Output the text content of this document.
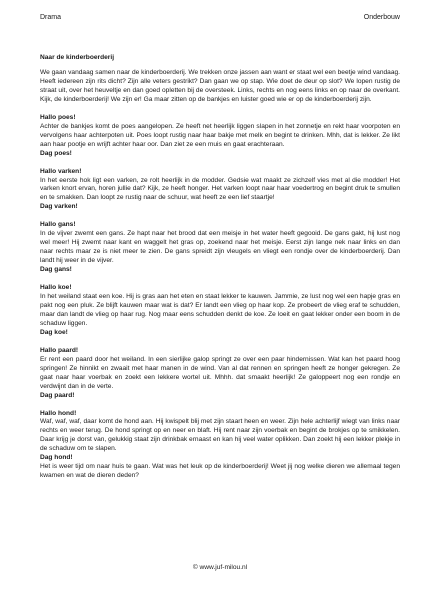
Drama	Onderbouw
Naar de kinderboerderij

We gaan vandaag samen naar de kinderboerderij. We trekken onze jassen aan want er staat wel een beetje wind vandaag. Heeft iedereen zijn rits dicht? Zijn alle veters gestrikt? Dan gaan we op stap. Wie doet de deur op slot? We lopen rustig de straat uit, over het heuveltje en dan goed opletten bij de oversteek. Links, rechts en nog eens links en op naar de overkant. Kijk, de kinderboerderij! We zijn er! Ga maar zitten op de bankjes en luister goed wie er op de kinderboerderij zijn.

Hallo poes!

Achter de bankjes komt de poes aangelopen. Ze heeft net heerlijk liggen slapen in het zonnetje en rekt haar voorpoten en vervolgens haar achterpoten uit. Poes loopt rustig naar haar bakje met melk en begint te drinken. Mhh, dat is lekker. Ze likt aan haar pootje en wrijft achter haar oor. Dan ziet ze een muis en gaat erachteraan.

Dag poes!

Hallo varken!

In het eerste hok ligt een varken, ze rolt heerlijk in de modder. Gedsie wat maakt ze zichzelf vies met al die modder! Het varken knort ervan, horen jullie dat? Kijk, ze heeft honger. Het varken loopt naar haar voedertrog en begint druk te smullen en te smakken. Dan loopt ze rustig naar de schuur, wat heeft ze een lief staartje!

Dag varken!

Hallo gans!

In de vijver zwemt een gans. Ze hapt naar het brood dat een meisje in het water heeft gegooid. De gans gakt, hij lust nog wel meer! Hij zwemt naar kant en waggelt het gras op, zoekend naar het meisje. Eerst zijn lange nek naar links en dan naar rechts maar ze is niet meer te zien. De gans spreidt zijn vleugels en vliegt een rondje over de kinderboerderij. Dan landt hij weer in de vijver.

Dag gans!

Hallo koe!

In het weiland staat een koe. Hij is gras aan het eten en staat lekker te kauwen. Jammie, ze lust nog wel een hapje gras en pakt nog een pluk. Ze blijft kauwen maar wat is dat? Er landt een vlieg op haar kop. Ze probeert de vlieg eraf te schudden, maar dan landt de vlieg op haar rug. Nog maar eens schudden denkt de koe. Ze loeit en gaat lekker onder een boom in de schaduw liggen.

Dag koe!

Hallo paard!

Er rent een paard door het weiland. In een sierlijke galop springt ze over een paar hindernissen. Wat kan het paard hoog springen! Ze hinnikt en zwaait met haar manen in de wind. Van al dat rennen en springen heeft ze honger gekregen. Ze gaat naar haar voerbak en zoekt een lekkere wortel uit. Mhhh. dat smaakt heerlijk! Ze galoppeert nog een rondje en verdwijnt dan in de verte.

Dag paard!

Hallo hond!

Waf, waf, waf, daar komt de hond aan. Hij kwispelt blij met zijn staart heen en weer. Zijn hele achterlijf wiegt van links naar rechts en weer terug. De hond springt op en neer en blaft. Hij rent naar zijn voerbak en begint de brokjes op te smikkelen. Daar krijg je dorst van, gelukkig staat zijn drinkbak ernaast en kan hij veel water oplikken. Dan zoekt hij een lekker plekje in de schaduw om te slapen.

Dag hond!

Het is weer tijd om naar huis te gaan. Wat was het leuk op de kinderboerderij! Weet jij nog welke dieren we allemaal tegen kwamen en wat de dieren deden?

© www.juf-milou.nl
